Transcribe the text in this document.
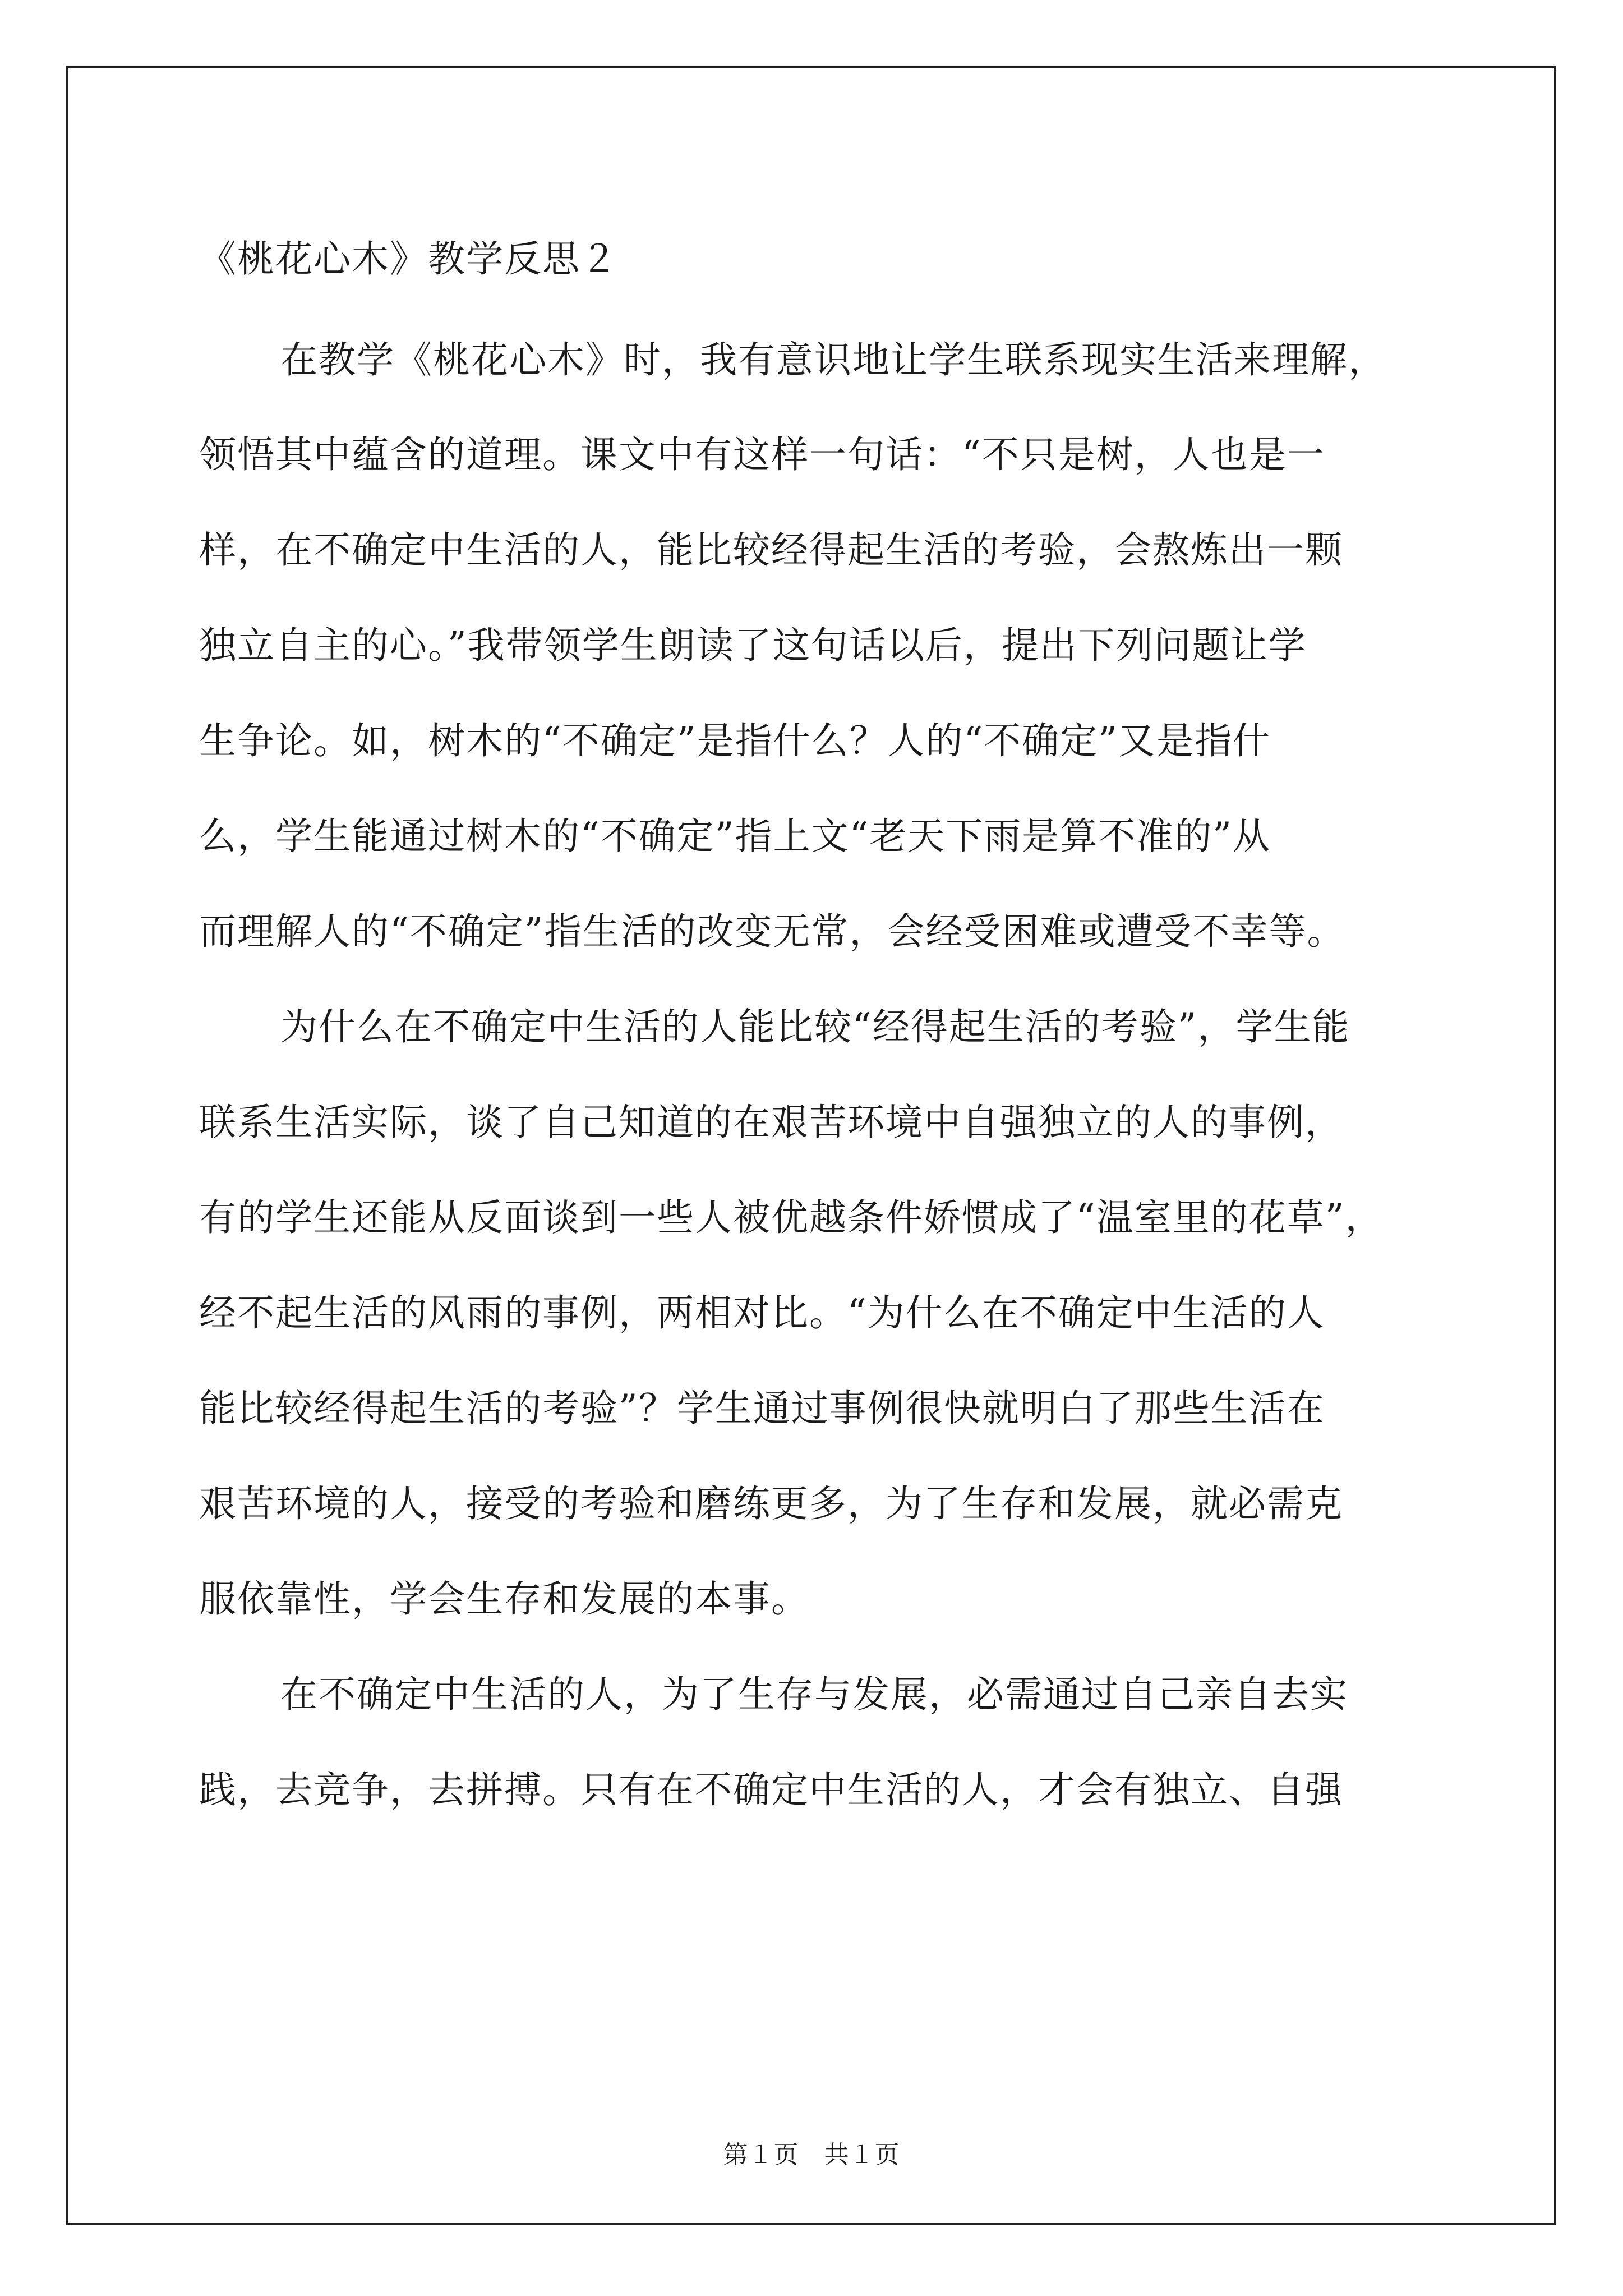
《桃花心木》教学反思２

在教学《桃花心木》时，我有意识地让学生联系现实生活来理解，

领悟其中蕴含的道理。课文中有这样一句话：“不只是树，人也是一

样，在不确定中生活的人，能比较经得起生活的考验，会熬炼出一颗

独立自主的心。”我带领学生朗读了这句话以后，提出下列问题让学

生争论。如，树木的“不确定”是指什么？人的“不确定”又是指什

么，学生能通过树木的“不确定”指上文“老天下雨是算不准的”从

而理解人的“不确定”指生活的改变无常，会经受困难或遭受不幸等。

为什么在不确定中生活的人能比较“经得起生活的考验”，学生能

联系生活实际，谈了自己知道的在艰苦环境中自强独立的人的事例，

有的学生还能从反面谈到一些人被优越条件娇惯成了“温室里的花草”，

经不起生活的风雨的事例，两相对比。“为什么在不确定中生活的人

能比较经得起生活的考验”？学生通过事例很快就明白了那些生活在

艰苦环境的人，接受的考验和磨练更多，为了生存和发展，就必需克

服依靠性，学会生存和发展的本事。

在不确定中生活的人，为了生存与发展，必需通过自己亲自去实

践，去竞争，去拼搏。只有在不确定中生活的人，才会有独立、自强

第１页　共１页
